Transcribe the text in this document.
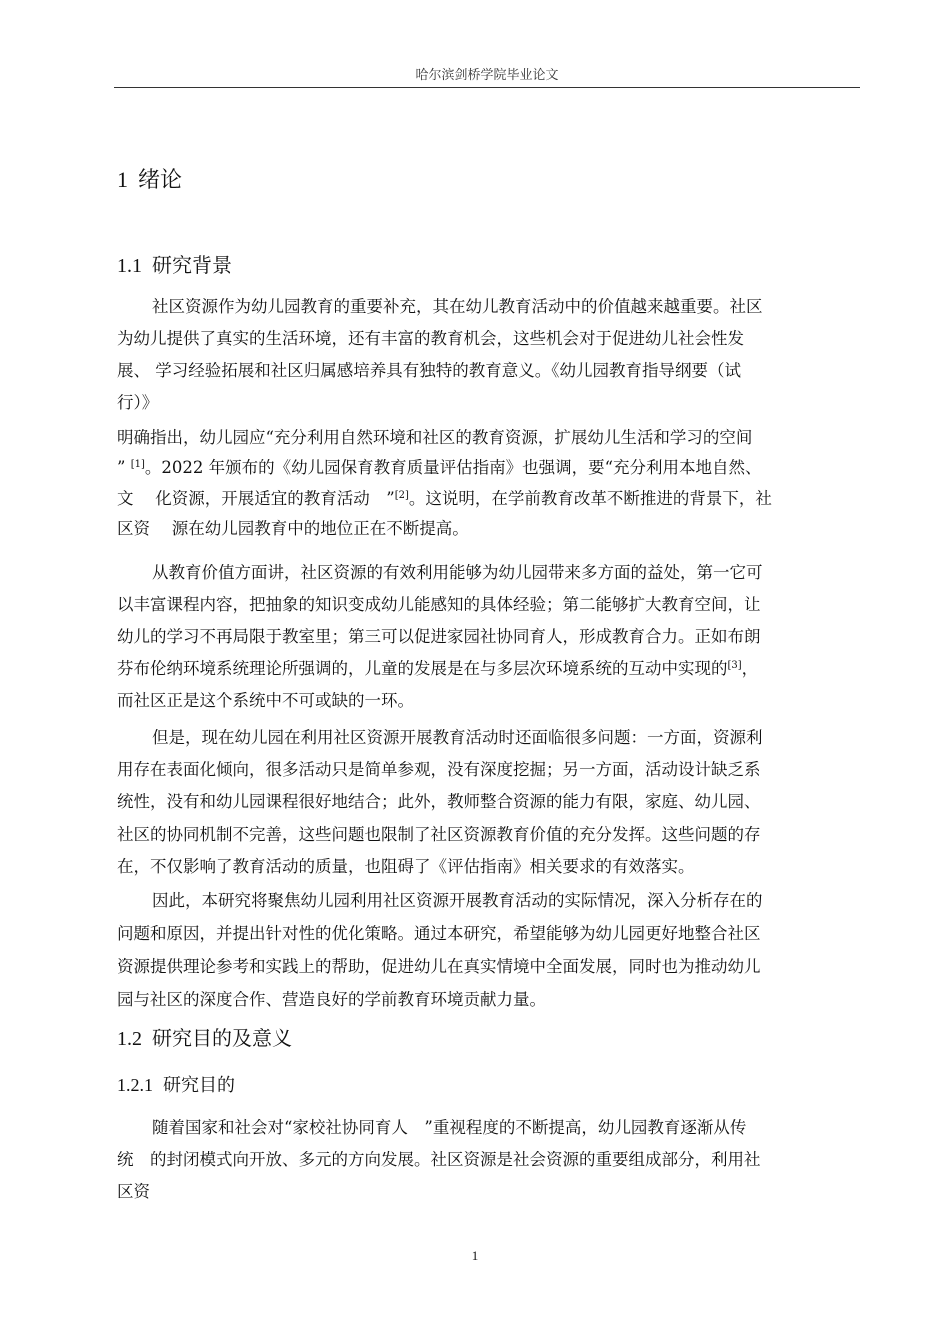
哈尔滨剑桥学院毕业论文
1 绪论
1.1 研究背景
社区资源作为幼儿园教育的重要补充，其在幼儿教育活动中的价值越来越重要。社区
为幼儿提供了真实的生活环境，还有丰富的教育机会，这些机会对于促进幼儿社会性发
展、 学习经验拓展和社区归属感培养具有独特的教育意义。《幼儿园教育指导纲要（试
行）》
明确指出，幼儿园应“充分利用自然环境和社区的教育资源，扩展幼儿生活和学习的空间
” [1]。2022 年颁布的《幼儿园保育教育质量评估指南》也强调，要“充分利用本地自然、
文　 化资源，开展适宜的教育活动　”[2]。这说明，在学前教育改革不断推进的背景下，社
区资　 源在幼儿园教育中的地位正在不断提高。
从教育价值方面讲，社区资源的有效利用能够为幼儿园带来多方面的益处，第一它可
以丰富课程内容，把抽象的知识变成幼儿能感知的具体经验；第二能够扩大教育空间，让
幼儿的学习不再局限于教室里；第三可以促进家园社协同育人，形成教育合力。正如布朗
芬布伦纳环境系统理论所强调的，儿童的发展是在与多层次环境系统的互动中实现的[3]，
而社区正是这个系统中不可或缺的一环。
但是，现在幼儿园在利用社区资源开展教育活动时还面临很多问题：一方面，资源利
用存在表面化倾向，很多活动只是简单参观，没有深度挖掘；另一方面，活动设计缺乏系
统性，没有和幼儿园课程很好地结合；此外，教师整合资源的能力有限，家庭、幼儿园、
社区的协同机制不完善，这些问题也限制了社区资源教育价值的充分发挥。这些问题的存
在，不仅影响了教育活动的质量，也阻碍了《评估指南》相关要求的有效落实。
因此，本研究将聚焦幼儿园利用社区资源开展教育活动的实际情况，深入分析存在的
问题和原因，并提出针对性的优化策略。通过本研究，希望能够为幼儿园更好地整合社区
资源提供理论参考和实践上的帮助，促进幼儿在真实情境中全面发展，同时也为推动幼儿
园与社区的深度合作、营造良好的学前教育环境贡献力量。
1.2 研究目的及意义
1.2.1 研究目的
随着国家和社会对“家校社协同育人　”重视程度的不断提高，幼儿园教育逐渐从传
统　的封闭模式向开放、多元的方向发展。社区资源是社会资源的重要组成部分，利用社
区资
1
